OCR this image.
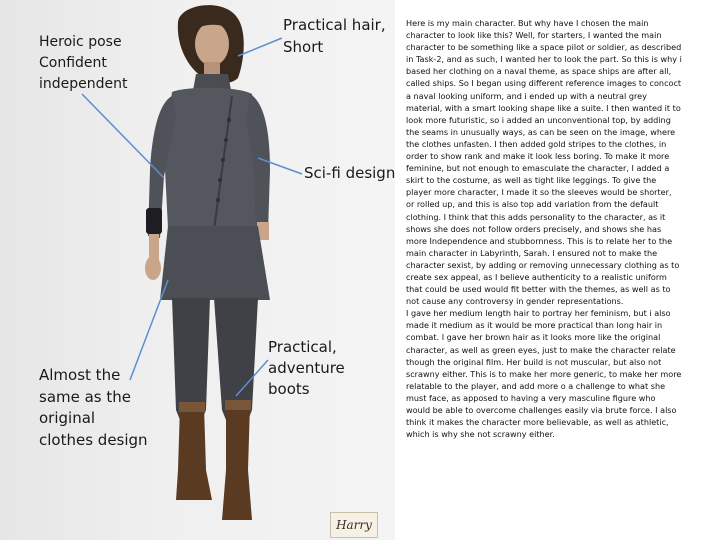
Heroic pose
Confident
independent
Practical hair,
Short
Sci-fi design
Practical,
adventure
boots
Almost the
same as the
original
clothes design
Harry

Here is my main character. But why have I chosen the main character to look like this? Well, for starters, I wanted the main character to be something like a space pilot or soldier, as described in Task-2, and as such, I wanted her to look the part. So this is why i based her clothing on a naval theme, as space ships are after all, called ships. So I began using different reference images to concoct a naval looking uniform, and i ended up with a neutral grey material, with a smart looking shape like a suite. I then wanted it to look more futuristic, so i added an unconventional top, by adding the seams in unusually ways, as can be seen on the image, where the clothes unfasten. I then added gold stripes to the clothes, in order to show rank and make it look less boring. To make it more feminine, but not enough to emasculate the character, I added a skirt to the costume, as well as tight like leggings. To give the player more character, I made it so the sleeves would be shorter, or rolled up, and this is also top add variation from the default clothing. I think that this adds personality to the character, as it shows she does not follow orders precisely, and shows she has more Independence and stubbornness. This is to relate her to the main character in Labyrinth, Sarah. I ensured not to make the character sexist, by adding or removing unnecessary clothing as to create sex appeal, as I believe authenticity to a realistic uniform that could be used would fit better with the themes, as well as to not cause any controversy in gender representations.
I gave her medium length hair to portray her feminism, but i also made it medium as it would be more practical than long hair in combat. I gave her brown hair as it looks more like the original character, as well as green eyes, just to make the character relate though the original film. Her build is not muscular, but also not scrawny either. This is to make her more generic, to make her more relatable to the player, and add more o a challenge to what she must face, as apposed to having a very masculine figure who would be able to overcome challenges easily via brute force. I also think it makes the character more believable, as well as athletic, which is why she not scrawny either.
